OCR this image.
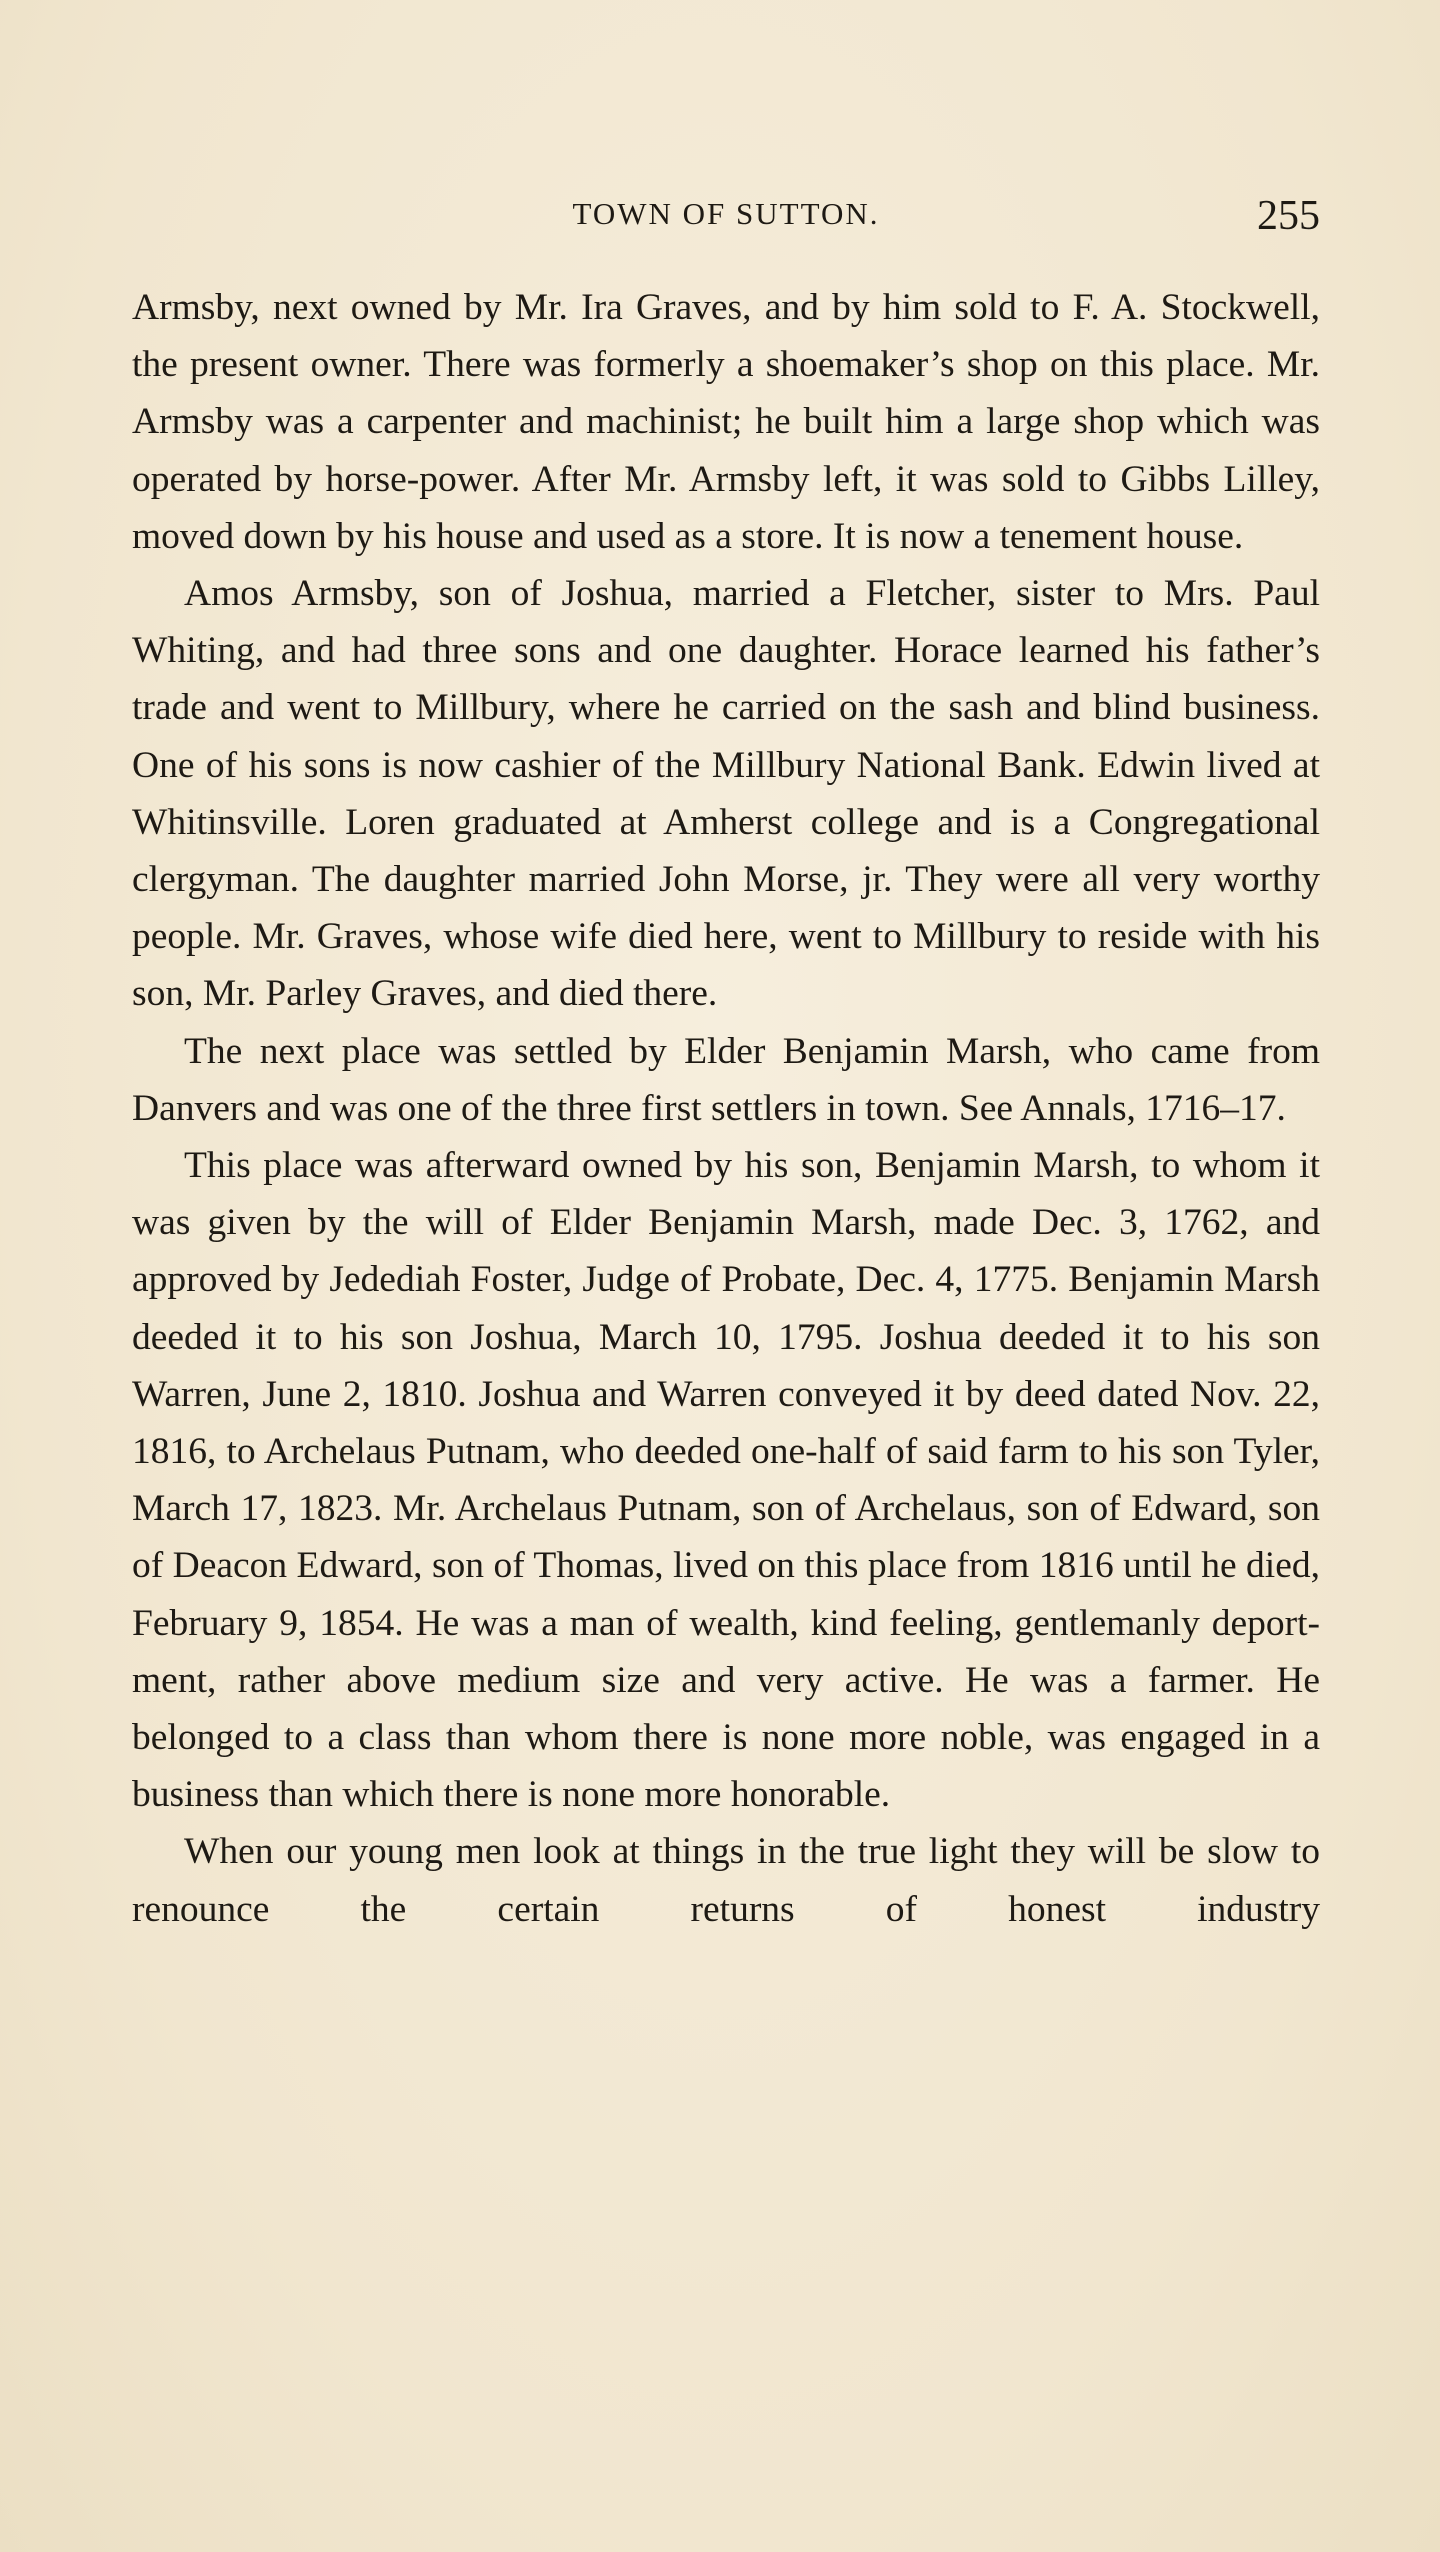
TOWN OF SUTTON.	255

Armsby, next owned by Mr. Ira Graves, and by him sold to F. A. Stockwell, the present owner. There was formerly a shoemaker’s shop on this place. Mr. Armsby was a carpenter and machinist; he built him a large shop which was operated by horse-power. After Mr. Armsby left, it was sold to Gibbs Lilley, moved down by his house and used as a store. It is now a tenement house.

Amos Armsby, son of Joshua, married a Fletcher, sister to Mrs. Paul Whiting, and had three sons and one daughter. Horace learned his father’s trade and went to Millbury, where he carried on the sash and blind business. One of his sons is now cashier of the Millbury National Bank. Edwin lived at Whitinsville. Loren graduated at Amherst college and is a Congregational clergyman. The daughter married John Morse, jr. They were all very worthy people. Mr. Graves, whose wife died here, went to Millbury to reside with his son, Mr. Parley Graves, and died there.

The next place was settled by Elder Benjamin Marsh, who came from Danvers and was one of the three first settlers in town. See Annals, 1716–17.

This place was afterward owned by his son, Benjamin Marsh, to whom it was given by the will of Elder Benjamin Marsh, made Dec. 3, 1762, and approved by Jedediah Foster, Judge of Probate, Dec. 4, 1775. Benjamin Marsh deeded it to his son Joshua, March 10, 1795. Joshua deeded it to his son Warren, June 2, 1810. Joshua and Warren conveyed it by deed dated Nov. 22, 1816, to Archelaus Putnam, who deeded one-half of said farm to his son Tyler, March 17, 1823. Mr. Archelaus Putnam, son of Archelaus, son of Edward, son of Deacon Edward, son of Thomas, lived on this place from 1816 until he died, February 9, 1854. He was a man of wealth, kind feeling, gentlemanly deport-ment, rather above medium size and very active. He was a farmer. He belonged to a class than whom there is none more noble, was engaged in a business than which there is none more honorable.

When our young men look at things in the true light they will be slow to renounce the certain returns of honest industry
